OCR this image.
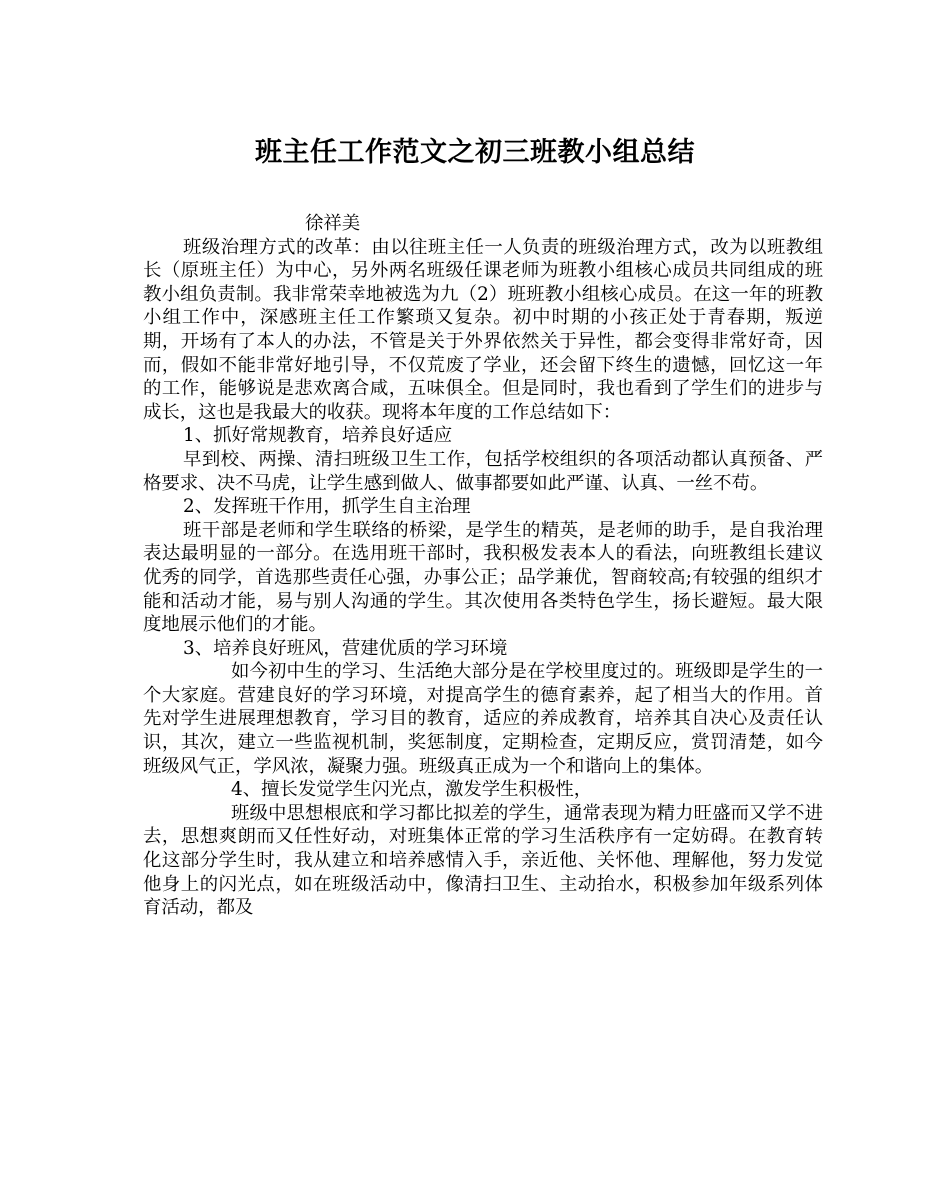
班主任工作范文之初三班教小组总结

徐祥美

班级治理方式的改革：由以往班主任一人负责的班级治理方式，改为以班教组长（原班主任）为中心，另外两名班级任课老师为班教小组核心成员共同组成的班教小组负责制。我非常荣幸地被选为九（2）班班教小组核心成员。在这一年的班教小组工作中，深感班主任工作繁琐又复杂。初中时期的小孩正处于青春期，叛逆期，开场有了本人的办法，不管是关于外界依然关于异性，都会变得非常好奇，因而，假如不能非常好地引导，不仅荒废了学业，还会留下终生的遗憾，回忆这一年的工作，能够说是悲欢离合咸，五味俱全。但是同时，我也看到了学生们的进步与成长，这也是我最大的收获。现将本年度的工作总结如下：

1、抓好常规教育，培养良好适应

早到校、两操、清扫班级卫生工作，包括学校组织的各项活动都认真预备、严格要求、决不马虎，让学生感到做人、做事都要如此严谨、认真、一丝不苟。

2、发挥班干作用，抓学生自主治理

班干部是老师和学生联络的桥梁，是学生的精英，是老师的助手，是自我治理表达最明显的一部分。在选用班干部时，我积极发表本人的看法，向班教组长建议优秀的同学，首选那些责任心强，办事公正；品学兼优，智商较高;有较强的组织才能和活动才能，易与别人沟通的学生。其次使用各类特色学生，扬长避短。最大限度地展示他们的才能。

3、培养良好班风，营建优质的学习环境

如今初中生的学习、生活绝大部分是在学校里度过的。班级即是学生的一个大家庭。营建良好的学习环境，对提高学生的德育素养，起了相当大的作用。首先对学生进展理想教育，学习目的教育，适应的养成教育，培养其自决心及责任认识，其次，建立一些监视机制，奖惩制度，定期检查，定期反应，赏罚清楚，如今班级风气正，学风浓，凝聚力强。班级真正成为一个和谐向上的集体。

4、擅长发觉学生闪光点，激发学生积极性，

班级中思想根底和学习都比拟差的学生，通常表现为精力旺盛而又学不进去，思想爽朗而又任性好动，对班集体正常的学习生活秩序有一定妨碍。在教育转化这部分学生时，我从建立和培养感情入手，亲近他、关怀他、理解他，努力发觉他身上的闪光点，如在班级活动中，像清扫卫生、主动抬水，积极参加年级系列体育活动，都及
